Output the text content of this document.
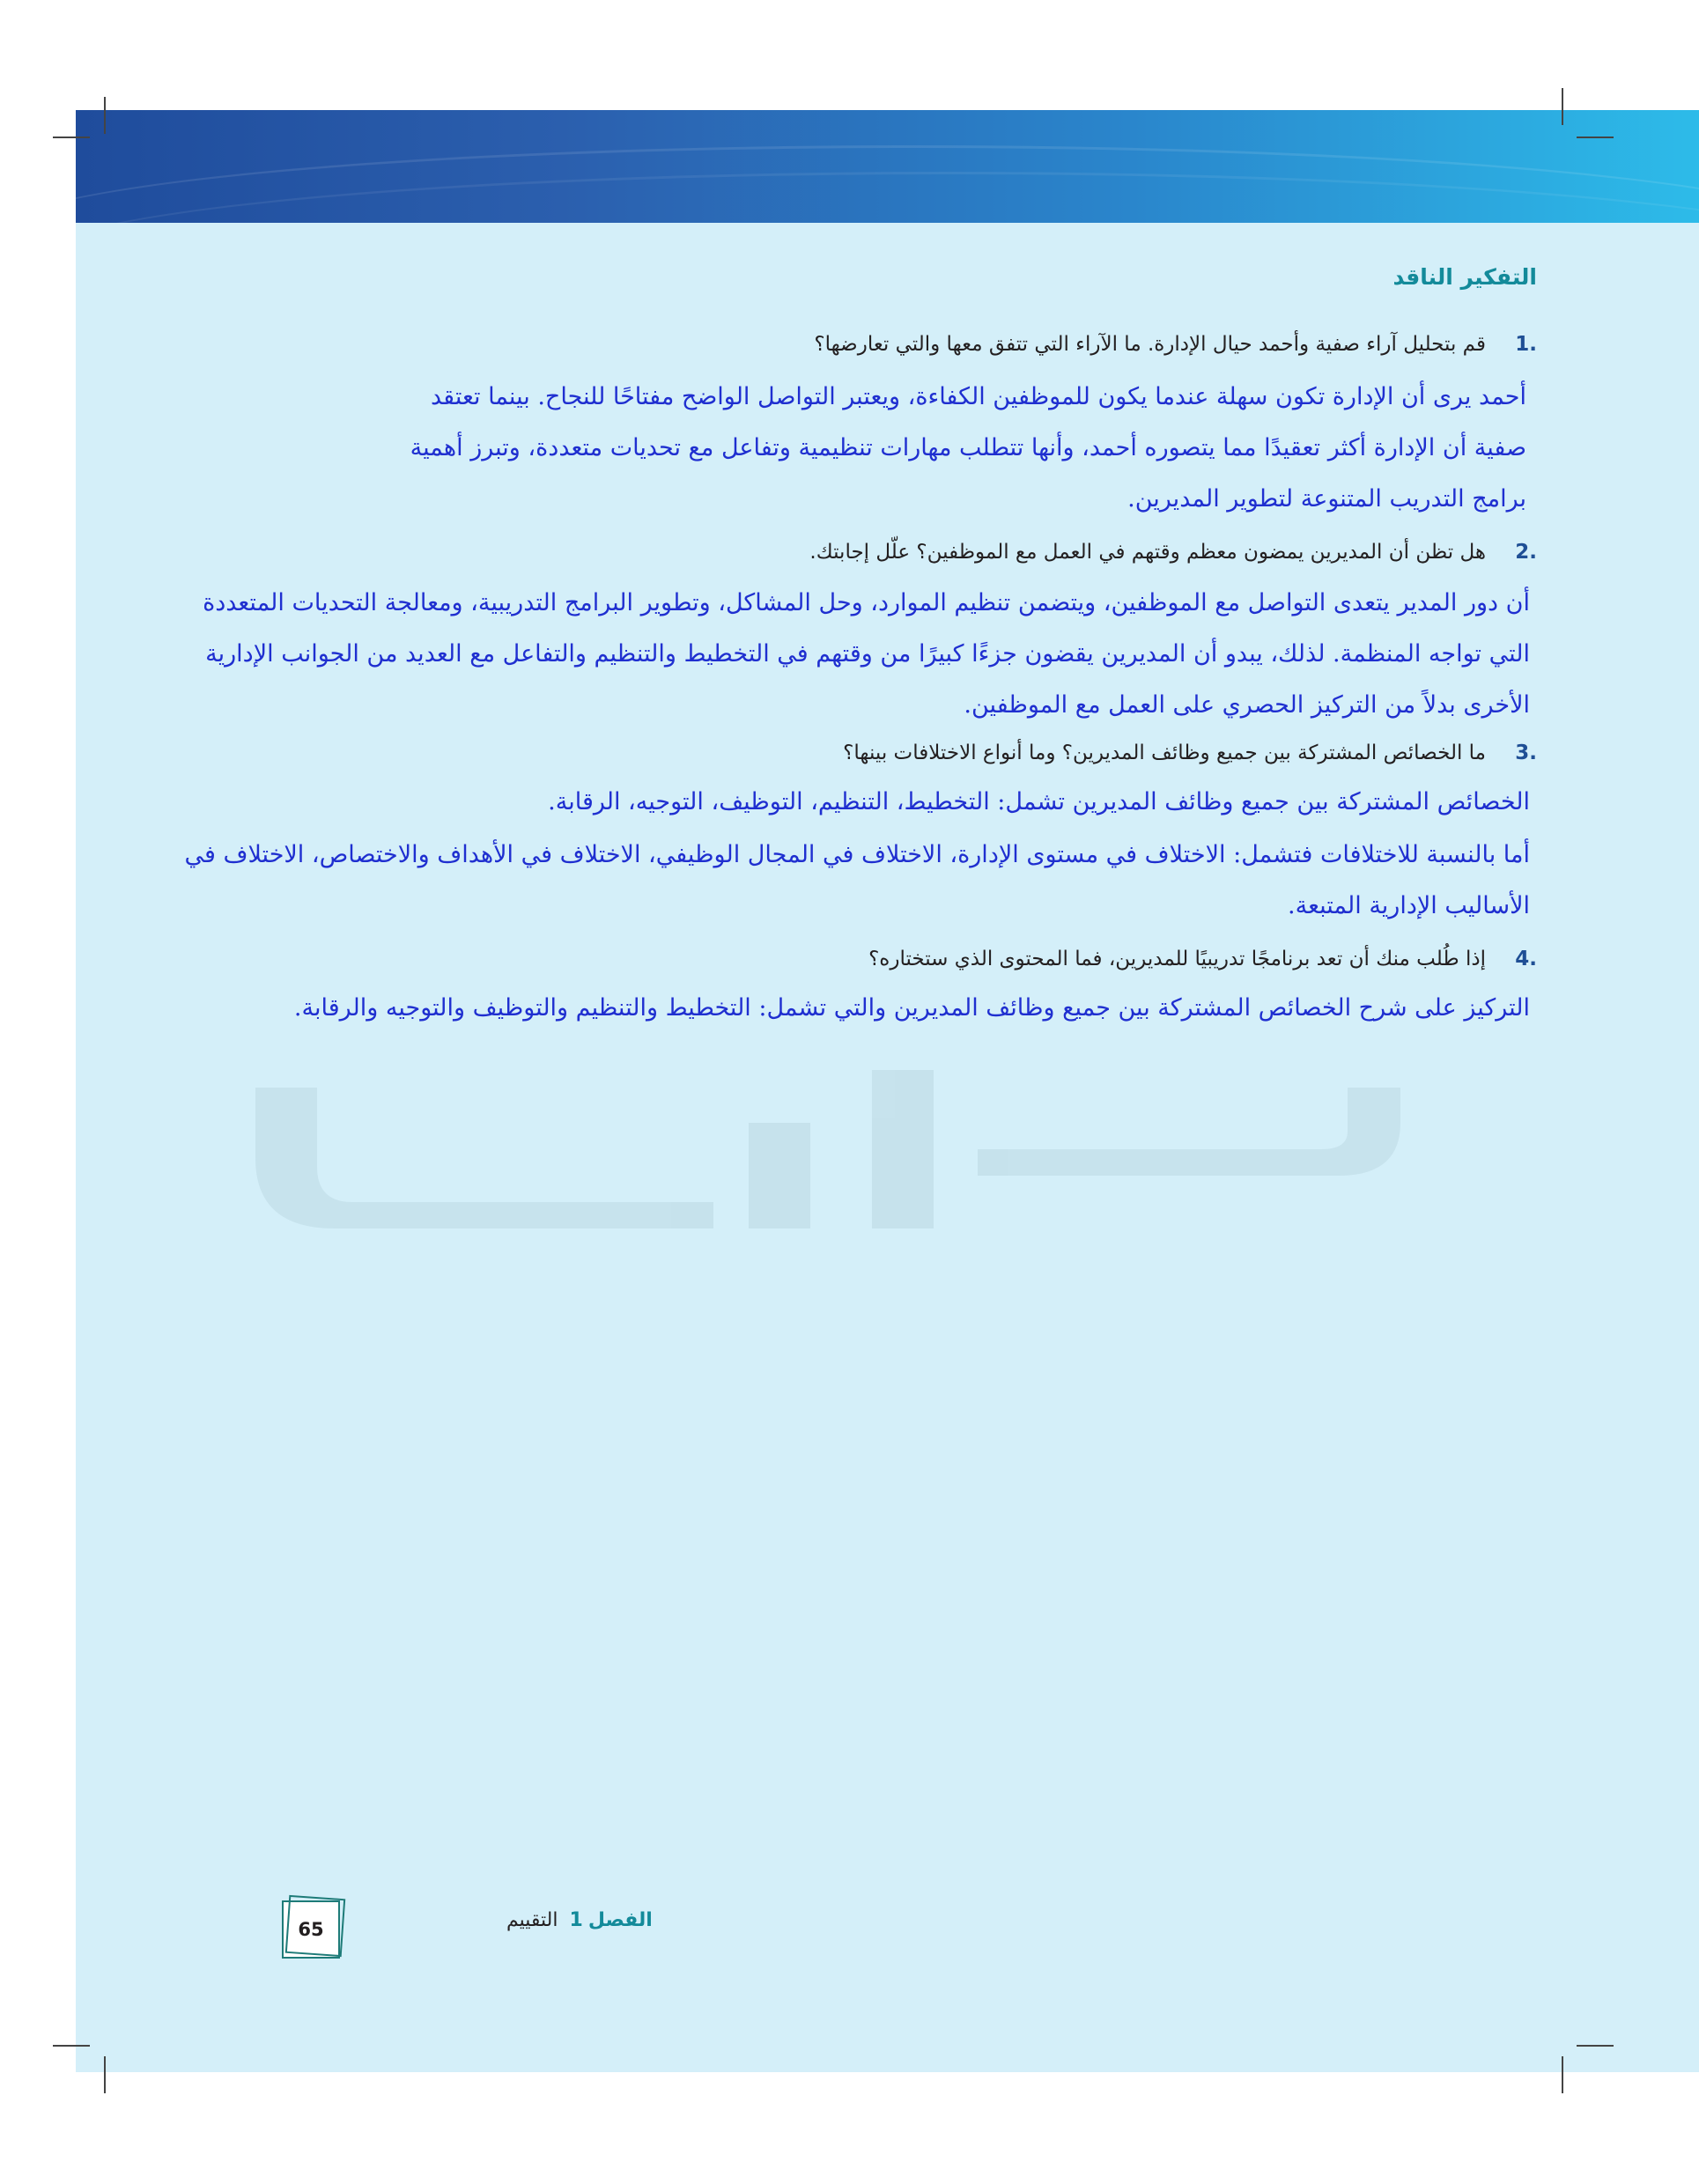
التفكير الناقد
.1
قم بتحليل آراء صفية وأحمد حيال الإدارة. ما الآراء التي تتفق معها والتي تعارضها؟

أحمد يرى أن الإدارة تكون سهلة عندما يكون للموظفين الكفاءة، ويعتبر التواصل الواضح مفتاحًا للنجاح. بينما تعتقد صفية أن الإدارة أكثر تعقيدًا مما يتصوره أحمد، وأنها تتطلب مهارات تنظيمية وتفاعل مع تحديات متعددة، وتبرز أهمية برامج التدريب المتنوعة لتطوير المديرين.

.2
هل تظن أن المديرين يمضون معظم وقتهم في العمل مع الموظفين؟ علّل إجابتك.

أن دور المدير يتعدى التواصل مع الموظفين، ويتضمن تنظيم الموارد، وحل المشاكل، وتطوير البرامج التدريبية، ومعالجة التحديات المتعددة التي تواجه المنظمة. لذلك، يبدو أن المديرين يقضون جزءًا كبيرًا من وقتهم في التخطيط والتنظيم والتفاعل مع العديد من الجوانب الإدارية الأخرى بدلاً من التركيز الحصري على العمل مع الموظفين.

.3
ما الخصائص المشتركة بين جميع وظائف المديرين؟ وما أنواع الاختلافات بينها؟

الخصائص المشتركة بين جميع وظائف المديرين تشمل: التخطيط، التنظيم، التوظيف، التوجيه، الرقابة.

أما بالنسبة للاختلافات فتشمل: الاختلاف في مستوى الإدارة، الاختلاف في المجال الوظيفي، الاختلاف في الأهداف والاختصاص، الاختلاف في الأساليب الإدارية المتبعة.

.4
إذا طُلب منك أن تعد برنامجًا تدريبيًا للمديرين، فما المحتوى الذي ستختاره؟

التركيز على شرح الخصائص المشتركة بين جميع وظائف المديرين والتي تشمل: التخطيط والتنظيم والتوظيف والتوجيه والرقابة.

65	الفصل1 التقييم
